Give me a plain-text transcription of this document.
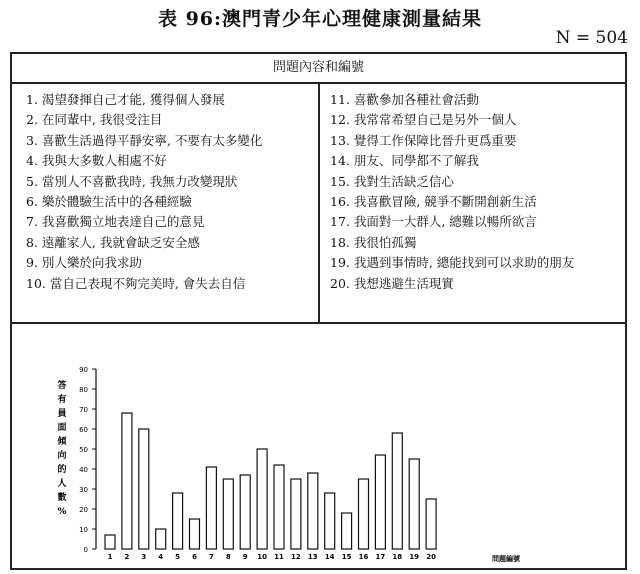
表 96:澳門青少年心理健康測量結果
N = 504
問題內容和編號
1. 渴望發揮自己才能, 獲得個人發展
2. 在同輩中, 我很受注目
3. 喜歡生活過得平靜安寧, 不要有太多變化
4. 我與大多數人相處不好
5. 當別人不喜歡我時, 我無力改變現狀
6. 樂於體驗生活中的各種經驗
7. 我喜歡獨立地表達自己的意見
8. 遠離家人, 我就會缺乏安全感
9. 別人樂於向我求助
10. 當自己表現不夠完美時, 會失去自信
11. 喜歡參加各種社會活動
12. 我常常希望自己是另外一個人
13. 覺得工作保障比晉升更爲重要
14. 朋友、同學都不了解我
15. 我對生活缺乏信心
16. 我喜歡冒險, 競爭不斷開創新生活
17. 我面對一大群人, 總難以暢所欲言
18. 我很怕孤獨
19. 我遇到事情時, 總能找到可以求助的朋友
20. 我想逃避生活現實
0
10
20
30
40
50
60
70
80
90
答
有
員
面
傾
向
的
人
數
%
1 2 3 4 5 6 7 8 9 10 11 12 13 14 15 16 17 18 19 20	問題編號
